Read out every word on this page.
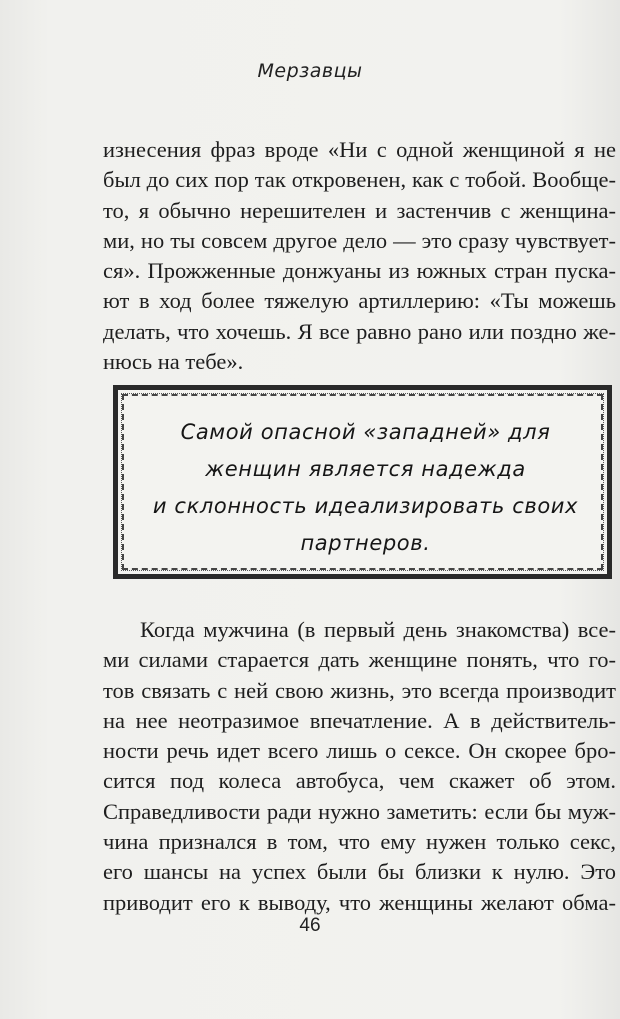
Мерзавцы
изнесения фраз вроде «Ни с одной женщиной я не
был до сих пор так откровенен, как с тобой. Вообще-
то, я обычно нерешителен и застенчив с женщина-
ми, но ты совсем другое дело — это сразу чувствует-
ся». Прожженные донжуаны из южных стран пуска-
ют в ход более тяжелую артиллерию: «Ты можешь
делать, что хочешь. Я все равно рано или поздно же-
нюсь на тебе».
Самой опасной «западней» для
женщин является надежда
и склонность идеализировать своих
партнеров.
Когда мужчина (в первый день знакомства) все-
ми силами старается дать женщине понять, что го-
тов связать с ней свою жизнь, это всегда производит
на нее неотразимое впечатление. А в действитель-
ности речь идет всего лишь о сексе. Он скорее бро-
сится под колеса автобуса, чем скажет об этом.
Справедливости ради нужно заметить: если бы муж-
чина признался в том, что ему нужен только секс,
его шансы на успех были бы близки к нулю. Это
приводит его к выводу, что женщины желают обма-
46
